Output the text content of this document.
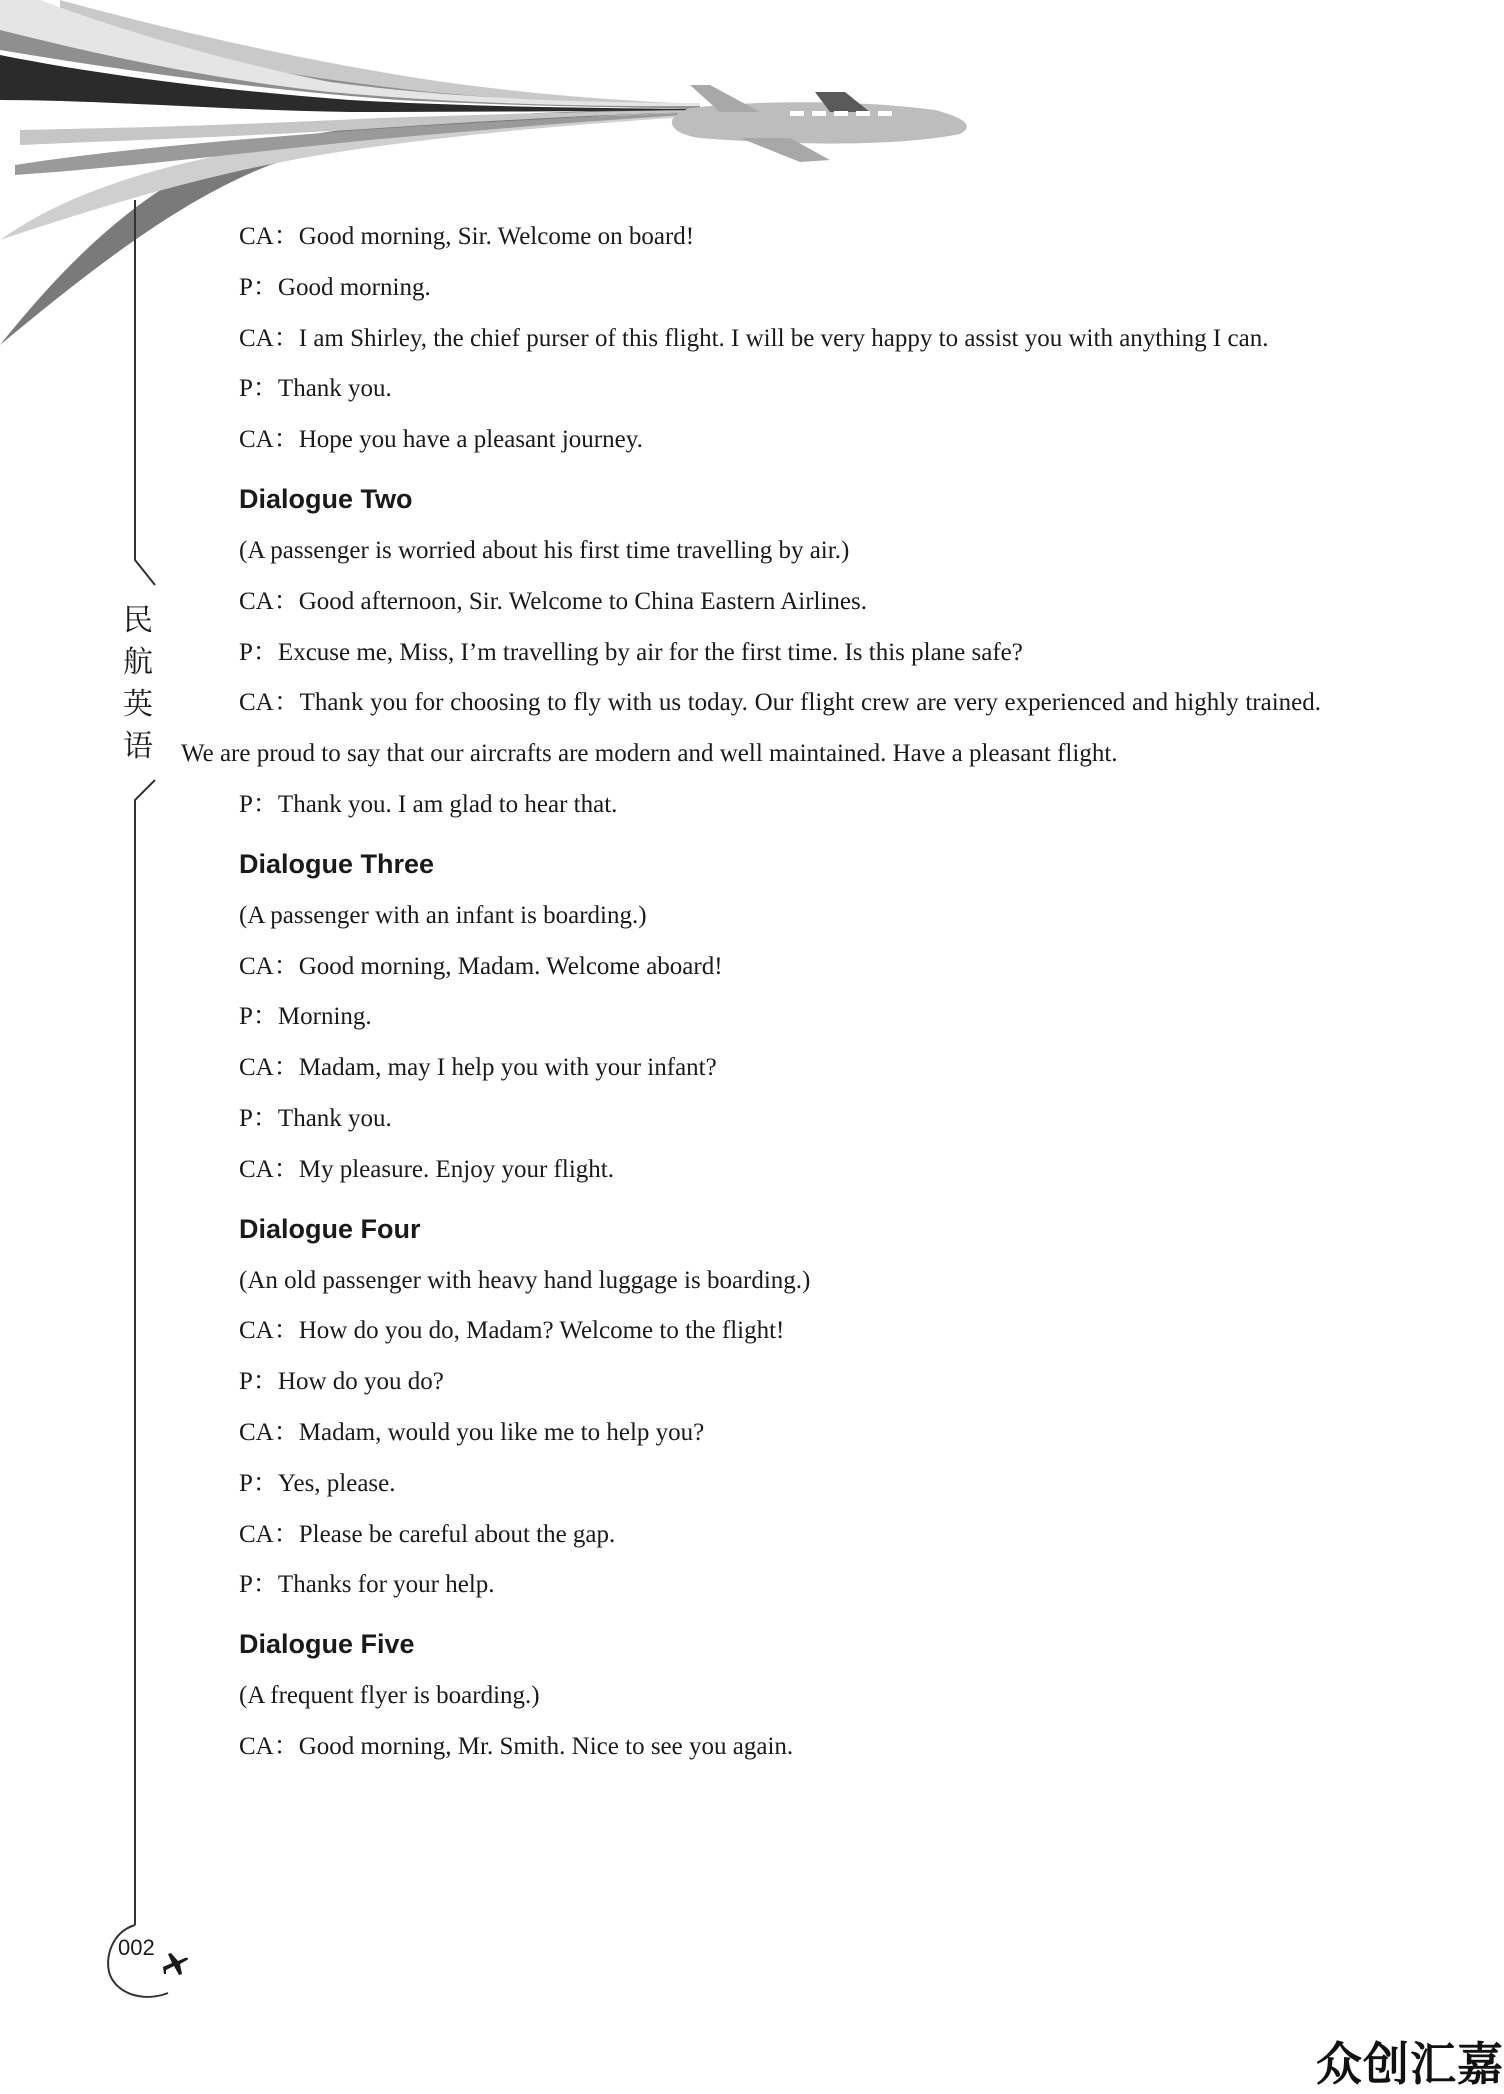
民
航
英
语
002

CA：Good morning, Sir. Welcome on board!

P：Good morning.

CA：I am Shirley, the chief purser of this flight. I will be very happy to assist you with anything I can.

P：Thank you.

CA：Hope you have a pleasant journey.

Dialogue Two

(A passenger is worried about his first time travelling by air.)

CA：Good afternoon, Sir. Welcome to China Eastern Airlines.

P：Excuse me, Miss, I’m travelling by air for the first time. Is this plane safe?

CA：Thank you for choosing to fly with us today. Our flight crew are very experienced and highly trained. We are proud to say that our aircrafts are modern and well maintained. Have a pleasant flight.

P：Thank you. I am glad to hear that.

Dialogue Three

(A passenger with an infant is boarding.)

CA：Good morning, Madam. Welcome aboard!

P：Morning.

CA：Madam, may I help you with your infant?

P：Thank you.

CA：My pleasure. Enjoy your flight.

Dialogue Four

(An old passenger with heavy hand luggage is boarding.)

CA：How do you do, Madam? Welcome to the flight!

P：How do you do?

CA：Madam, would you like me to help you?

P：Yes, please.

CA：Please be careful about the gap.

P：Thanks for your help.

Dialogue Five

(A frequent flyer is boarding.)

CA：Good morning, Mr. Smith. Nice to see you again.

众创汇嘉
